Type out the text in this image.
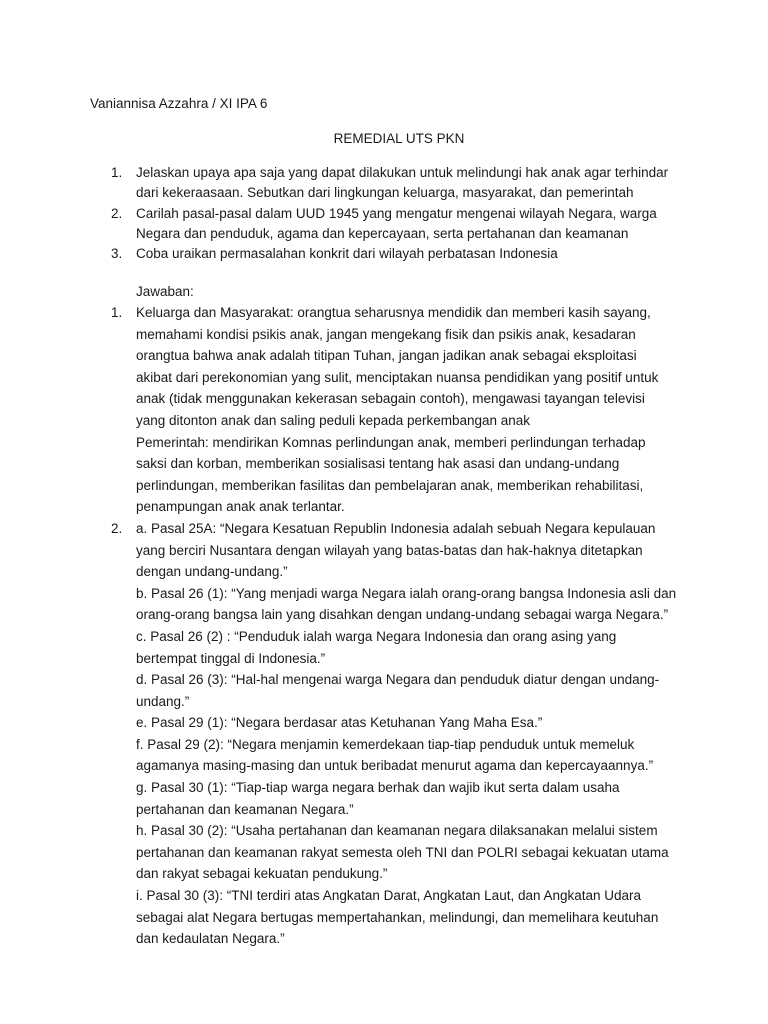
Vaniannisa Azzahra / XI IPA 6
REMEDIAL UTS PKN
1. Jelaskan upaya apa saja yang dapat dilakukan untuk melindungi hak anak agar terhindar
dari kekeraasaan. Sebutkan dari lingkungan keluarga, masyarakat, dan pemerintah
2. Carilah pasal-pasal dalam UUD 1945 yang mengatur mengenai wilayah Negara, warga
Negara dan penduduk, agama dan kepercayaan, serta pertahanan dan keamanan
3. Coba uraikan permasalahan konkrit dari wilayah perbatasan Indonesia
Jawaban:
1. Keluarga dan Masyarakat: orangtua seharusnya mendidik dan memberi kasih sayang,
memahami kondisi psikis anak, jangan mengekang fisik dan psikis anak, kesadaran
orangtua bahwa anak adalah titipan Tuhan, jangan jadikan anak sebagai eksploitasi
akibat dari perekonomian yang sulit, menciptakan nuansa pendidikan yang positif untuk
anak (tidak menggunakan kekerasan sebagain contoh), mengawasi tayangan televisi
yang ditonton anak dan saling peduli kepada perkembangan anak
Pemerintah: mendirikan Komnas perlindungan anak, memberi perlindungan terhadap
saksi dan korban, memberikan sosialisasi tentang hak asasi dan undang-undang
perlindungan, memberikan fasilitas dan pembelajaran anak, memberikan rehabilitasi,
penampungan anak anak terlantar.
2. a. Pasal 25A: “Negara Kesatuan Republin Indonesia adalah sebuah Negara kepulauan
yang berciri Nusantara dengan wilayah yang batas-batas dan hak-haknya ditetapkan
dengan undang-undang.”
b. Pasal 26 (1): “Yang menjadi warga Negara ialah orang-orang bangsa Indonesia asli dan
orang-orang bangsa lain yang disahkan dengan undang-undang sebagai warga Negara.”
c. Pasal 26 (2) : “Penduduk ialah warga Negara Indonesia dan orang asing yang
bertempat tinggal di Indonesia.”
d. Pasal 26 (3): “Hal-hal mengenai warga Negara dan penduduk diatur dengan undang-
undang.”
e. Pasal 29 (1): “Negara berdasar atas Ketuhanan Yang Maha Esa.”
f. Pasal 29 (2): “Negara menjamin kemerdekaan tiap-tiap penduduk untuk memeluk
agamanya masing-masing dan untuk beribadat menurut agama dan kepercayaannya.”
g. Pasal 30 (1): “Tiap-tiap warga negara berhak dan wajib ikut serta dalam usaha
pertahanan dan keamanan Negara.”
h. Pasal 30 (2): “Usaha pertahanan dan keamanan negara dilaksanakan melalui sistem
pertahanan dan keamanan rakyat semesta oleh TNI dan POLRI sebagai kekuatan utama
dan rakyat sebagai kekuatan pendukung.”
i. Pasal 30 (3): “TNI terdiri atas Angkatan Darat, Angkatan Laut, dan Angkatan Udara
sebagai alat Negara bertugas mempertahankan, melindungi, dan memelihara keutuhan
dan kedaulatan Negara.”
